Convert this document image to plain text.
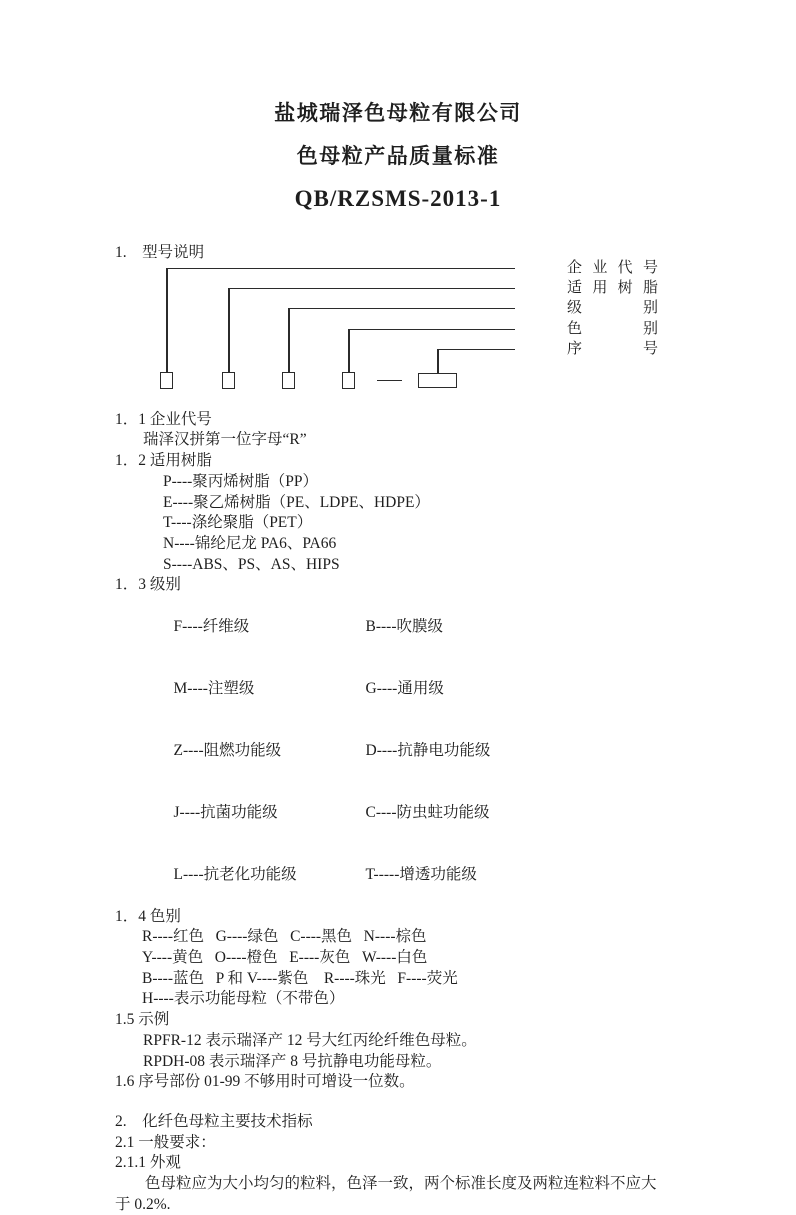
盐城瑞泽色母粒有限公司
色母粒产品质量标准
QB/RZSMS-2013-1
1.　型号说明
企 业 代 号
适 用 树 脂
级	别
色	别
序	号
1．1 企业代号
瑞泽汉拼第一位字母“R”
1．2 适用树脂
P----聚丙烯树脂（PP）
E----聚乙烯树脂（PE、LDPE、HDPE）
T----涤纶聚脂（PET）
N----锦纶尼龙 PA6、PA66
S----ABS、PS、AS、HIPS
1．3 级别

F----纤维级	B----吹膜级

M----注塑级	G----通用级

Z----阻燃功能级	D----抗静电功能级

J----抗菌功能级	C----防虫蛀功能级

L----抗老化功能级	T-----增透功能级

1．4 色别
R----红色   G----绿色   C----黑色   N----棕色
Y----黄色   O----橙色   E----灰色   W----白色
B----蓝色   P 和 V----紫色    R----珠光   F----荧光
H----表示功能母粒（不带色）
1.5 示例
RPFR-12 表示瑞泽产 12 号大红丙纶纤维色母粒。
RPDH-08 表示瑞泽产 8 号抗静电功能母粒。
1.6 序号部份 01-99 不够用时可增设一位数。
2.　化纤色母粒主要技术指标
2.1 一般要求：
2.1.1 外观
色母粒应为大小均匀的粒料，色泽一致，两个标准长度及两粒连粒料不应大
于 0.2%.
